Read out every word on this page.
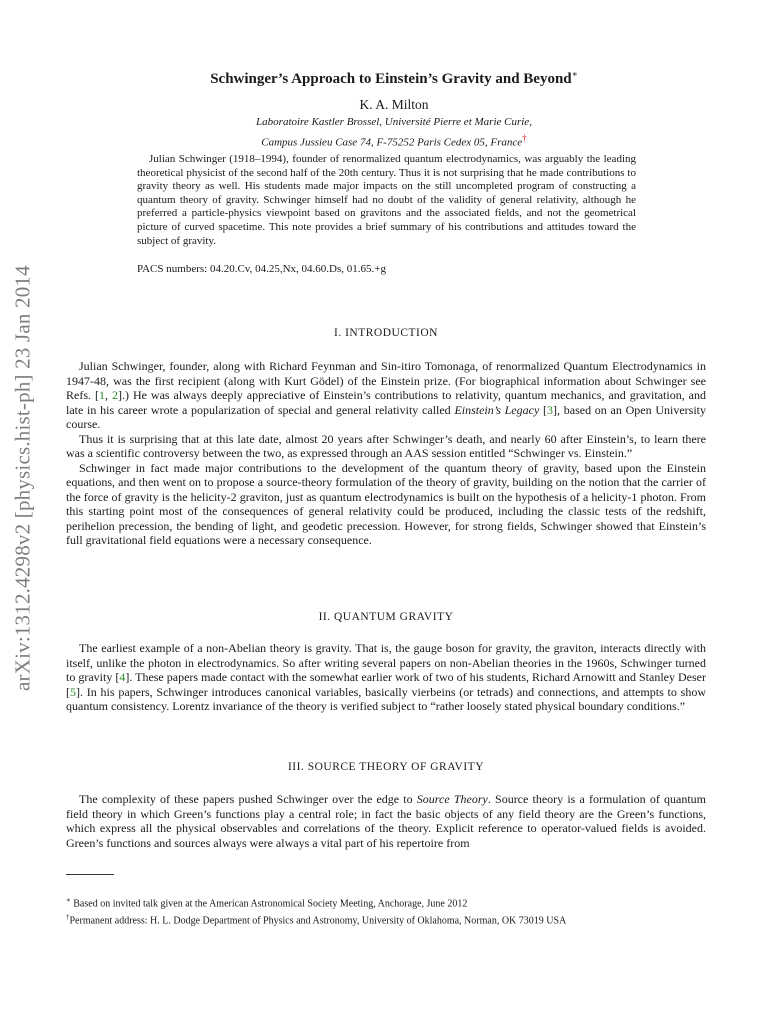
arXiv:1312.4298v2 [physics.hist-ph] 23 Jan 2014
Schwinger’s Approach to Einstein’s Gravity and Beyond∗
K. A. Milton
Laboratoire Kastler Brossel, Université Pierre et Marie Curie,
Campus Jussieu Case 74, F-75252 Paris Cedex 05, France†

Julian Schwinger (1918–1994), founder of renormalized quantum electrodynamics, was arguably the leading theoretical physicist of the second half of the 20th century. Thus it is not surprising that he made contributions to gravity theory as well. His students made major impacts on the still uncompleted program of constructing a quantum theory of gravity. Schwinger himself had no doubt of the validity of general relativity, although he preferred a particle-physics viewpoint based on gravitons and the associated fields, and not the geometrical picture of curved spacetime. This note provides a brief summary of his contributions and attitudes toward the subject of gravity.

PACS numbers: 04.20.Cv, 04.25,Nx, 04.60.Ds, 01.65.+g

I. INTRODUCTION

Julian Schwinger, founder, along with Richard Feynman and Sin-itiro Tomonaga, of renormalized Quantum Electrodynamics in 1947-48, was the first recipient (along with Kurt Gödel) of the Einstein prize. (For biographical information about Schwinger see Refs. [1, 2].) He was always deeply appreciative of Einstein’s contributions to relativity, quantum mechanics, and gravitation, and late in his career wrote a popularization of special and general relativity called Einstein’s Legacy [3], based on an Open University course.

Thus it is surprising that at this late date, almost 20 years after Schwinger’s death, and nearly 60 after Einstein’s, to learn there was a scientific controversy between the two, as expressed through an AAS session entitled “Schwinger vs. Einstein.”

Schwinger in fact made major contributions to the development of the quantum theory of gravity, based upon the Einstein equations, and then went on to propose a source-theory formulation of the theory of gravity, building on the notion that the carrier of the force of gravity is the helicity-2 graviton, just as quantum electrodynamics is built on the hypothesis of a helicity-1 photon. From this starting point most of the consequences of general relativity could be produced, including the classic tests of the redshift, perihelion precession, the bending of light, and geodetic precession. However, for strong fields, Schwinger showed that Einstein’s full gravitational field equations were a necessary consequence.

II. QUANTUM GRAVITY

The earliest example of a non-Abelian theory is gravity. That is, the gauge boson for gravity, the graviton, interacts directly with itself, unlike the photon in electrodynamics. So after writing several papers on non-Abelian theories in the 1960s, Schwinger turned to gravity [4]. These papers made contact with the somewhat earlier work of two of his students, Richard Arnowitt and Stanley Deser [5]. In his papers, Schwinger introduces canonical variables, basically vierbeins (or tetrads) and connections, and attempts to show quantum consistency. Lorentz invariance of the theory is verified subject to “rather loosely stated physical boundary conditions.”

III. SOURCE THEORY OF GRAVITY

The complexity of these papers pushed Schwinger over the edge to Source Theory. Source theory is a formulation of quantum field theory in which Green’s functions play a central role; in fact the basic objects of any field theory are the Green’s functions, which express all the physical observables and correlations of the theory. Explicit reference to operator-valued fields is avoided. Green’s functions and sources always were always a vital part of his repertoire from

∗ Based on invited talk given at the American Astronomical Society Meeting, Anchorage, June 2012
†Permanent address: H. L. Dodge Department of Physics and Astronomy, University of Oklahoma, Norman, OK 73019 USA
